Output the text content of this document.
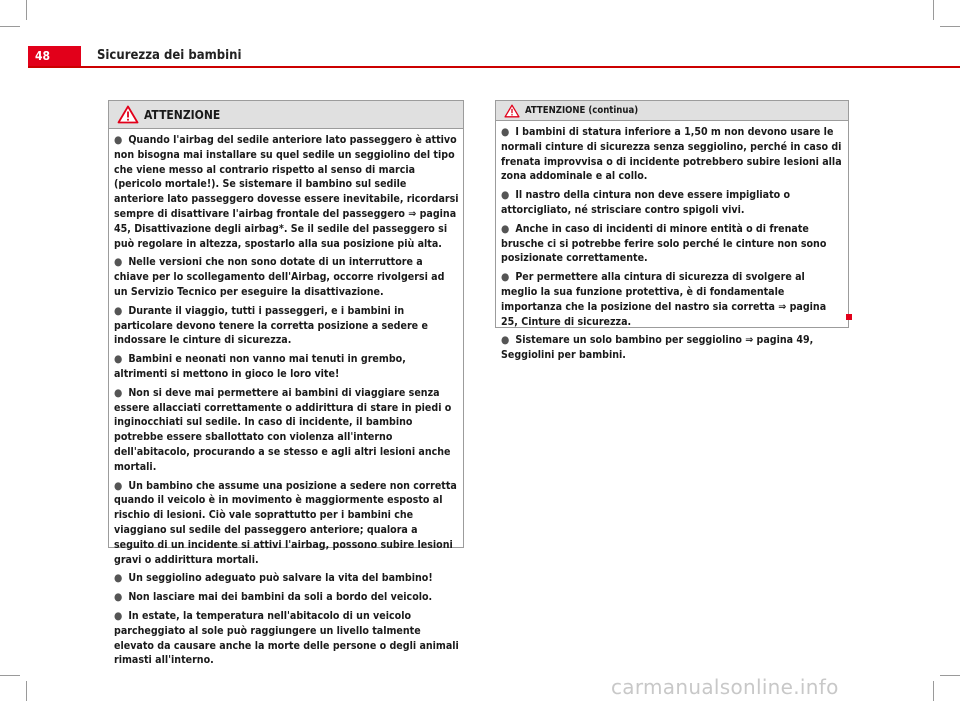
48	Sicurezza dei bambini
ATTENZIONE

● Quando l'airbag del sedile anteriore lato passeggero è attivo non bisogna mai installare su quel sedile un seggiolino del tipo che viene messo al contrario rispetto al senso di marcia (pericolo mortale!). Se sistemare il bambino sul sedile anteriore lato passeggero dovesse essere inevitabile, ricordarsi sempre di disattivare l'airbag frontale del passeggero ⇒ pagina 45, Disattivazione degli airbag*. Se il sedile del passeggero si può regolare in altezza, spostarlo alla sua posizione più alta.

● Nelle versioni che non sono dotate di un interruttore a chiave per lo scollegamento dell'Airbag, occorre rivolgersi ad un Servizio Tecnico per eseguire la disattivazione.

● Durante il viaggio, tutti i passeggeri, e i bambini in particolare devono tenere la corretta posizione a sedere e indossare le cinture di sicurezza.

● Bambini e neonati non vanno mai tenuti in grembo, altrimenti si mettono in gioco le loro vite!

● Non si deve mai permettere ai bambini di viaggiare senza essere allacciati correttamente o addirittura di stare in piedi o inginocchiati sul sedile. In caso di incidente, il bambino potrebbe essere sballottato con violenza all'interno dell'abitacolo, procurando a se stesso e agli altri lesioni anche mortali.

● Un bambino che assume una posizione a sedere non corretta quando il veicolo è in movimento è maggiormente esposto al rischio di lesioni. Ciò vale soprattutto per i bambini che viaggiano sul sedile del passeggero anteriore; qualora a seguito di un incidente si attivi l'airbag, possono subire lesioni gravi o addirittura mortali.

● Un seggiolino adeguato può salvare la vita del bambino!

● Non lasciare mai dei bambini da soli a bordo del veicolo.

● In estate, la temperatura nell'abitacolo di un veicolo parcheggiato al sole può raggiungere un livello talmente elevato da causare anche la morte delle persone o degli animali rimasti all'interno.

ATTENZIONE (continua)

● I bambini di statura inferiore a 1,50 m non devono usare le normali cinture di sicurezza senza seggiolino, perché in caso di frenata improvvisa o di incidente potrebbero subire lesioni alla zona addominale e al collo.

● Il nastro della cintura non deve essere impigliato o attorcigliato, né strisciare contro spigoli vivi.

● Anche in caso di incidenti di minore entità o di frenate brusche ci si potrebbe ferire solo perché le cinture non sono posizionate correttamente.

● Per permettere alla cintura di sicurezza di svolgere al meglio la sua funzione protettiva, è di fondamentale importanza che la posizione del nastro sia corretta ⇒ pagina 25, Cinture di sicurezza.

● Sistemare un solo bambino per seggiolino ⇒ pagina 49, Seggiolini per bambini.

carmanualsonline.info
